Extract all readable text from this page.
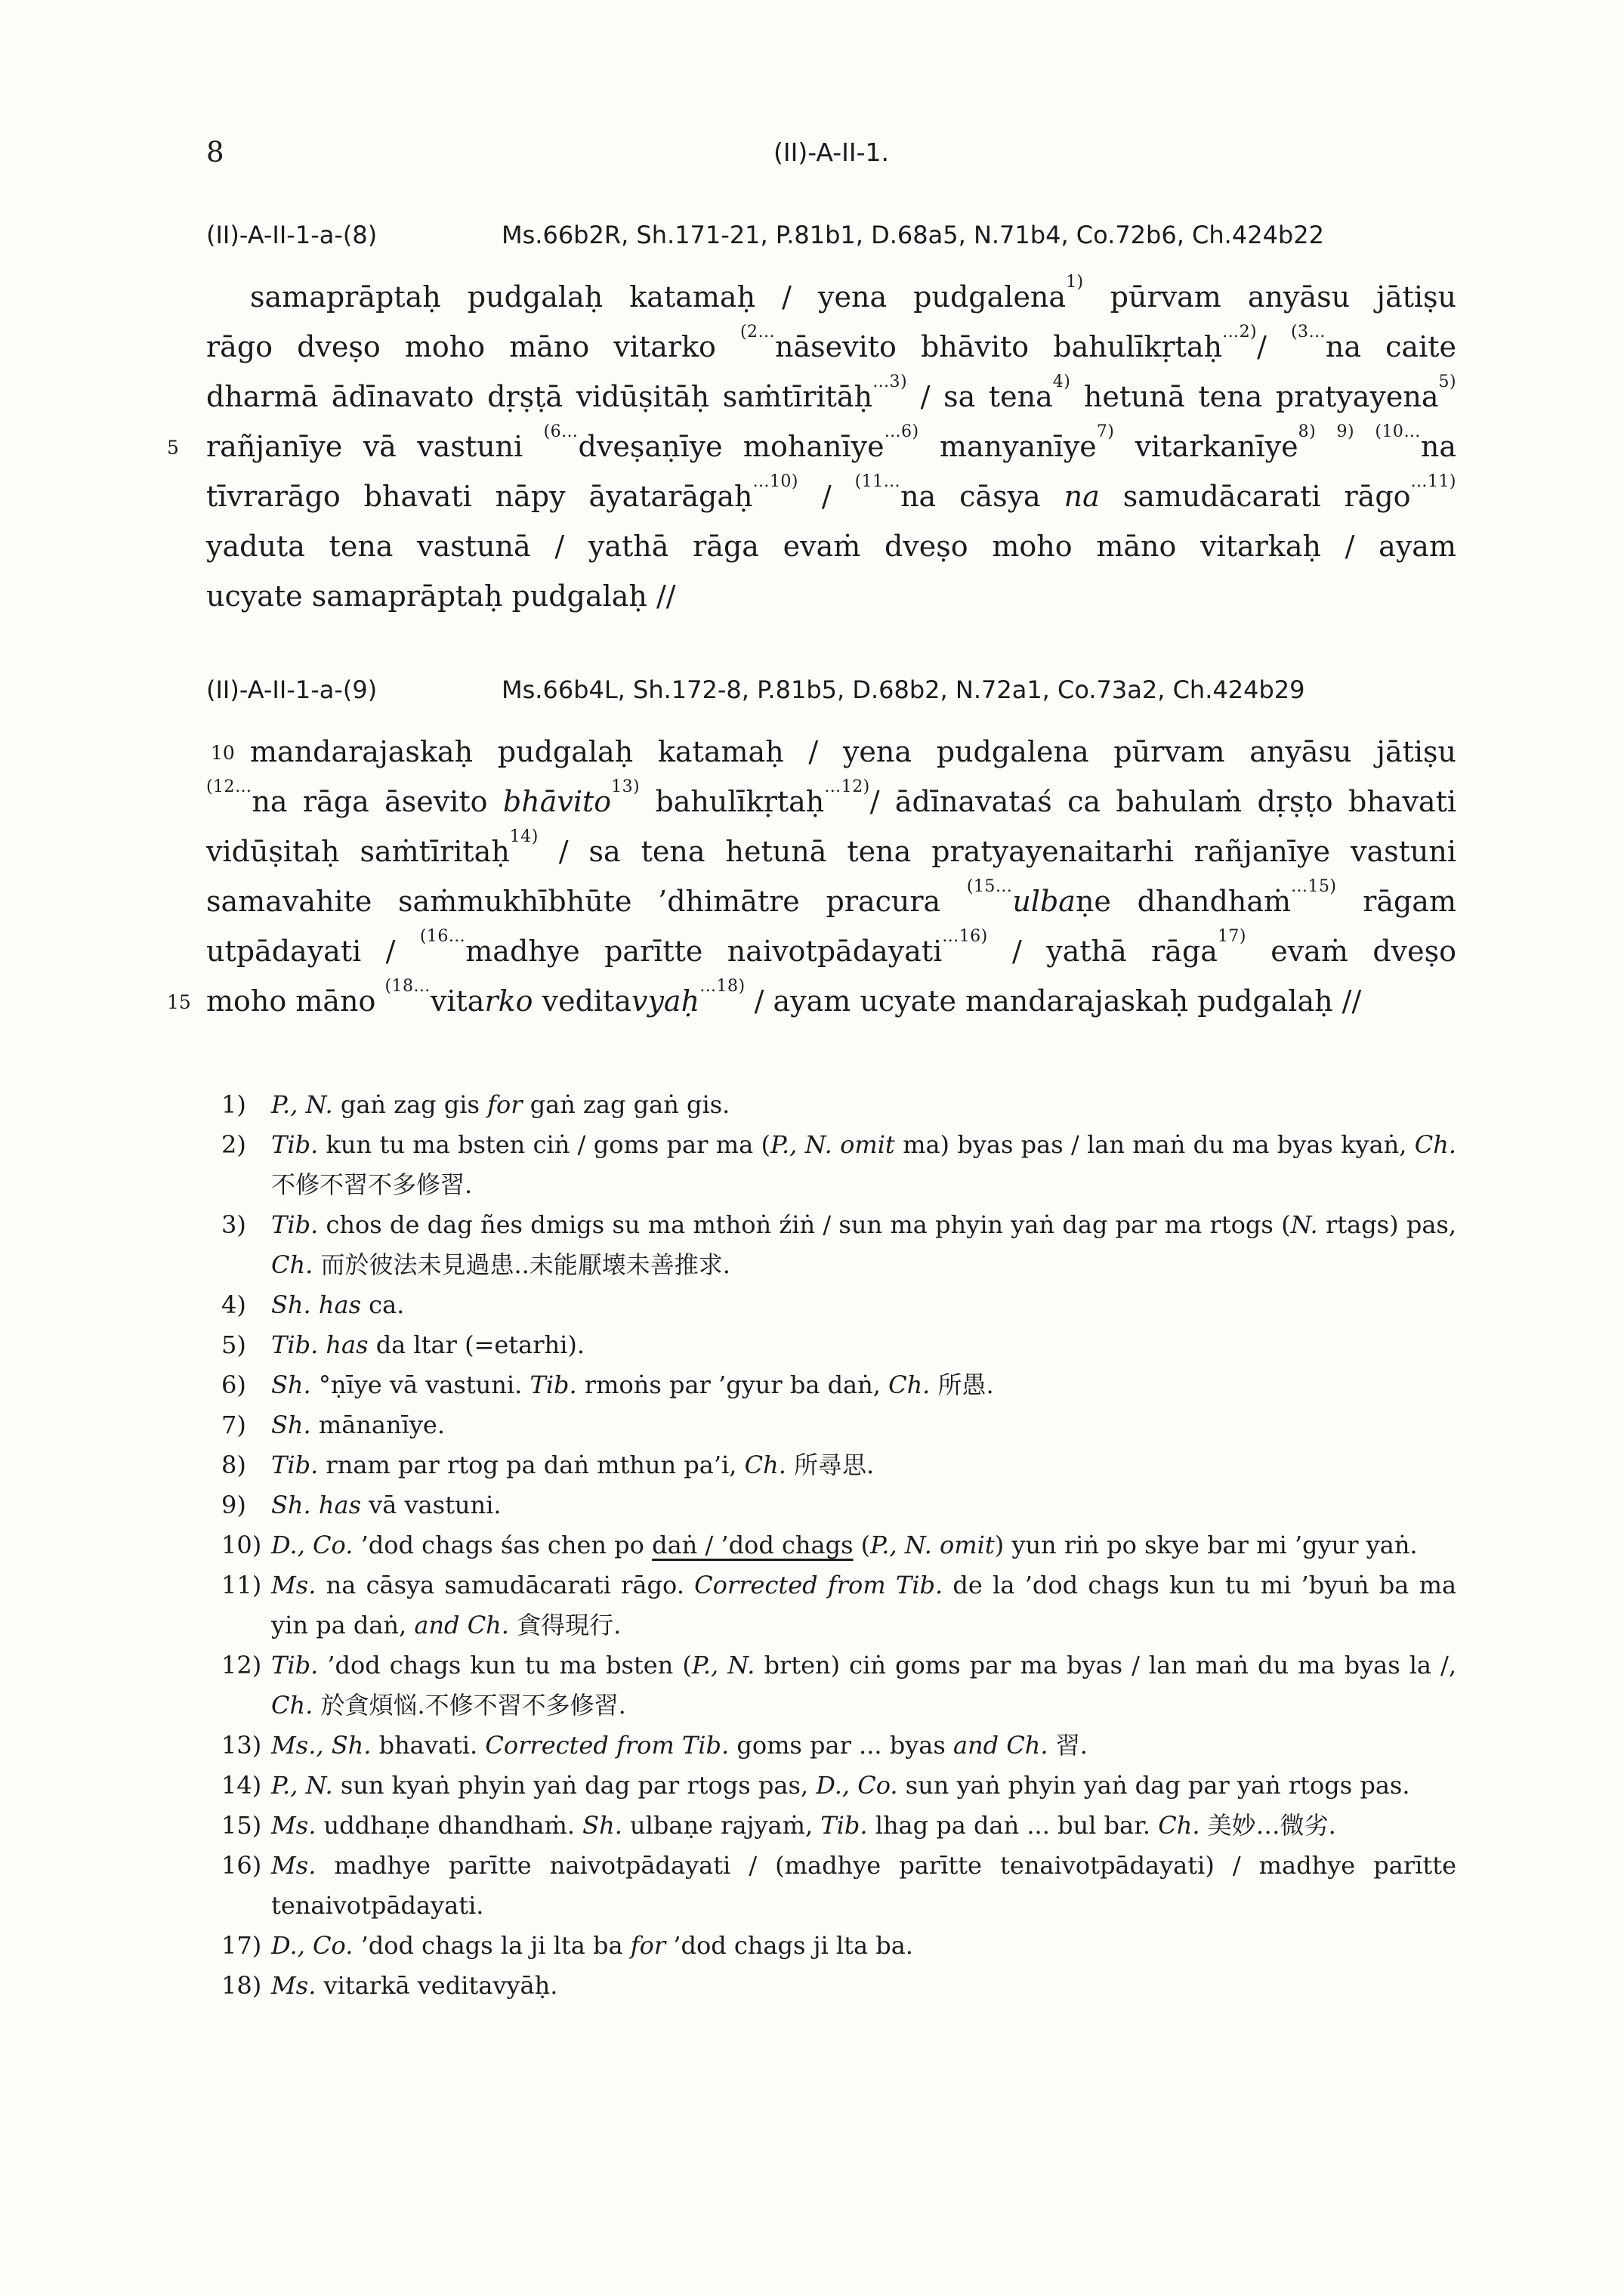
8	(II)-A-II-1.
(II)-A-II-1-a-(8)	Ms.66b2R, Sh.171-21, P.81b1, D.68a5, N.71b4, Co.72b6, Ch.424b22
samaprāptaḥ pudgalaḥ katamaḥ / yena pudgalena$^{1)}$ pūrvam anyāsu jātiṣu
rāgo dveṣo moho māno vitarko $^{(2\dots}$nāsevito bhāvito bahulīkṛtaḥ$^{\dots 2)}$/ $^{(3\dots}$na caite
dharmā ādīnavato dṛṣṭā vidūṣitāḥ saṁtīritāḥ$^{\dots 3)}$ / sa tena$^{4)}$ hetunā tena pratyayena$^{5)}$
5 rañjanīye vā vastuni $^{(6\dots}$dveṣaṇīye mohanīye$^{\dots 6)}$ manyanīye$^{7)}$ vitarkanīye$^{8)}$ $^{9)}$ $^{(10\dots}$na
tīvrarāgo bhavati nāpy āyatarāgaḥ$^{\dots 10)}$ / $^{(11\dots}$na cāsya na samudācarati rāgo$^{\dots 11)}$
yaduta tena vastunā / yathā rāga evaṁ dveṣo moho māno vitarkaḥ / ayam
ucyate samaprāptaḥ pudgalaḥ //
(II)-A-II-1-a-(9)	Ms.66b4L, Sh.172-8, P.81b5, D.68b2, N.72a1, Co.73a2, Ch.424b29
10 mandarajaskaḥ pudgalaḥ katamaḥ / yena pudgalena pūrvam anyāsu jātiṣu
$^{(12\dots}$na rāga āsevito bhāvito$^{13)}$ bahulīkṛtaḥ$^{\dots 12)}$/ ādīnavataś ca bahulaṁ dṛṣṭo bhavati
vidūṣitaḥ saṁtīritaḥ$^{14)}$ / sa tena hetunā tena pratyayenaitarhi rañjanīye vastuni
samavahite saṁmukhībhūte ’dhimātre pracura $^{(15\dots}$ulbaṇe dhandhaṁ$^{\dots 15)}$ rāgam
utpādayati / $^{(16\dots}$madhye parītte naivotpādayati$^{\dots 16)}$ / yathā rāga$^{17)}$ evaṁ dveṣo
15 moho māno $^{(18\dots}$vitarko veditavyaḥ$^{\dots 18)}$ / ayam ucyate mandarajaskaḥ pudgalaḥ //
1)	P., N. gaṅ zag gis for gaṅ zag gaṅ gis.
2)	Tib. kun tu ma bsten ciṅ / goms par ma (P., N. omit ma) byas pas / lan maṅ du ma byas kyaṅ, Ch. 不修不習不多修習.
3)	Tib. chos de dag ñes dmigs su ma mthoṅ źiṅ / sun ma phyin yaṅ dag par ma rtogs (N. rtags) pas, Ch. 而於彼法未見過患..未能厭壊未善推求.
4)	Sh. has ca.
5)	Tib. has da ltar (=etarhi).
6)	Sh. °ṇīye vā vastuni. Tib. rmoṅs par ’gyur ba daṅ, Ch. 所愚.
7)	Sh. mānanīye.
8)	Tib. rnam par rtog pa daṅ mthun pa’i, Ch. 所尋思.
9)	Sh. has vā vastuni.
10) D., Co. ’dod chags śas chen po daṅ / ’dod chags (P., N. omit) yun riṅ po skye bar mi ’gyur yaṅ.
11) Ms. na cāsya samudācarati rāgo. Corrected from Tib. de la ’dod chags kun tu mi ’byuṅ ba ma yin pa daṅ, and Ch. 貪得現行.
12) Tib. ’dod chags kun tu ma bsten (P., N. brten) ciṅ goms par ma byas / lan maṅ du ma byas la /, Ch. 於貪煩悩.不修不習不多修習.
13) Ms., Sh. bhavati. Corrected from Tib. goms par ... byas and Ch. 習.
14) P., N. sun kyaṅ phyin yaṅ dag par rtogs pas, D., Co. sun yaṅ phyin yaṅ dag par yaṅ rtogs pas.
15) Ms. uddhaṇe dhandhaṁ. Sh. ulbaṇe rajyaṁ, Tib. lhag pa daṅ ... bul bar. Ch. 美妙…微劣.
16) Ms. madhye parītte naivotpādayati / (madhye parītte tenaivotpādayati) / madhye parītte tenaivotpādayati.
17) D., Co. ’dod chags la ji lta ba for ’dod chags ji lta ba.
18) Ms. vitarkā veditavyāḥ.
